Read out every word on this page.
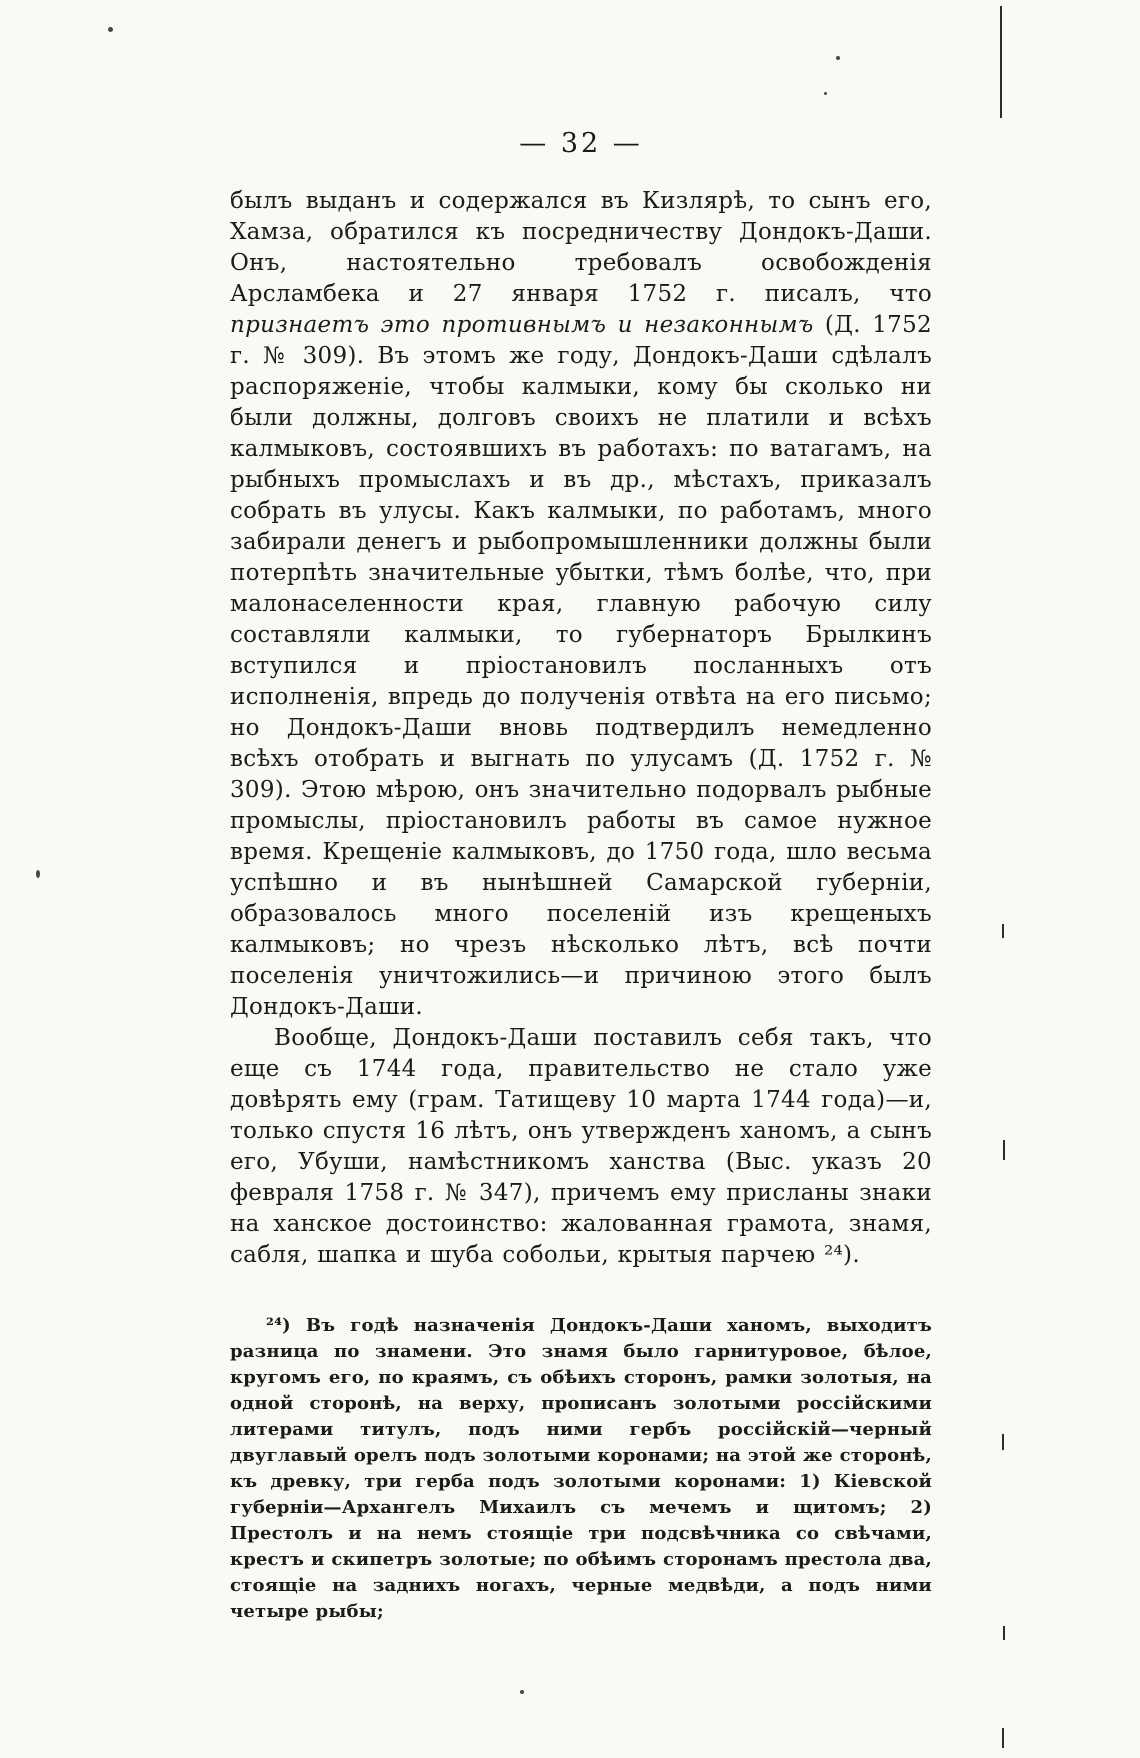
— 32 —

былъ выданъ и содержался въ Кизлярѣ, то сынъ его, Хамза, обратился къ посредничеству Дондокъ-Даши. Онъ, настоятельно требовалъ освобожденія Арсламбека и 27 января 1752 г. писалъ, что признаетъ это противнымъ и незаконнымъ (Д. 1752 г. № 309). Въ этомъ же году, Дондокъ-Даши сдѣлалъ распоряженіе, чтобы калмыки, кому бы сколько ни были должны, долговъ своихъ не платили и всѣхъ калмыковъ, состоявшихъ въ работахъ: по ватагамъ, на рыбныхъ промыслахъ и въ др., мѣстахъ, приказалъ собрать въ улусы. Какъ калмыки, по работамъ, много забирали денегъ и рыбопромышленники должны были потерпѣть значительные убытки, тѣмъ болѣе, что, при малонаселенности края, главную рабочую силу составляли калмыки, то губернаторъ Брылкинъ вступился и пріостановилъ посланныхъ отъ исполненія, впредь до полученія отвѣта на его письмо; но Дондокъ-Даши вновь подтвердилъ немедленно всѣхъ отобрать и выгнать по улусамъ (Д. 1752 г. № 309). Этою мѣрою, онъ значительно подорвалъ рыбные промыслы, пріостановилъ работы въ самое нужное время. Крещеніе калмыковъ, до 1750 года, шло весьма успѣшно и въ нынѣшней Самарской губерніи, образовалось много поселеній изъ крещеныхъ калмыковъ; но чрезъ нѣсколько лѣтъ, всѣ почти поселенія уничтожились—и причиною этого былъ Дондокъ-Даши.

Вообще, Дондокъ-Даши поставилъ себя такъ, что еще съ 1744 года, правительство не стало уже довѣрять ему (грам. Татищеву 10 марта 1744 года)—и, только спустя 16 лѣтъ, онъ утвержденъ ханомъ, а сынъ его, Убуши, намѣстникомъ ханства (Выс. указъ 20 февраля 1758 г. № 347), причемъ ему присланы знаки на ханское достоинство: жалованная грамота, знамя, сабля, шапка и шуба собольи, крытыя парчею ²⁴).

²⁴) Въ годѣ назначенія Дондокъ-Даши ханомъ, выходитъ разница по знамени. Это знамя было гарнитуровое, бѣлое, кругомъ его, по краямъ, съ обѣихъ сторонъ, рамки золотыя, на одной сторонѣ, на верху, прописанъ золотыми россійскими литерами титулъ, подъ ними гербъ россійскій—черный двуглавый орелъ подъ золотыми коронами; на этой же сторонѣ, къ древку, три герба подъ золотыми коронами: 1) Кіевской губерніи—Архангелъ Михаилъ съ мечемъ и щитомъ; 2) Престолъ и на немъ стоящіе три подсвѣчника со свѣчами, крестъ и скипетръ золотые; по обѣимъ сторонамъ престола два, стоящіе на заднихъ ногахъ, черные медвѣди, а подъ ними четыре рыбы;
